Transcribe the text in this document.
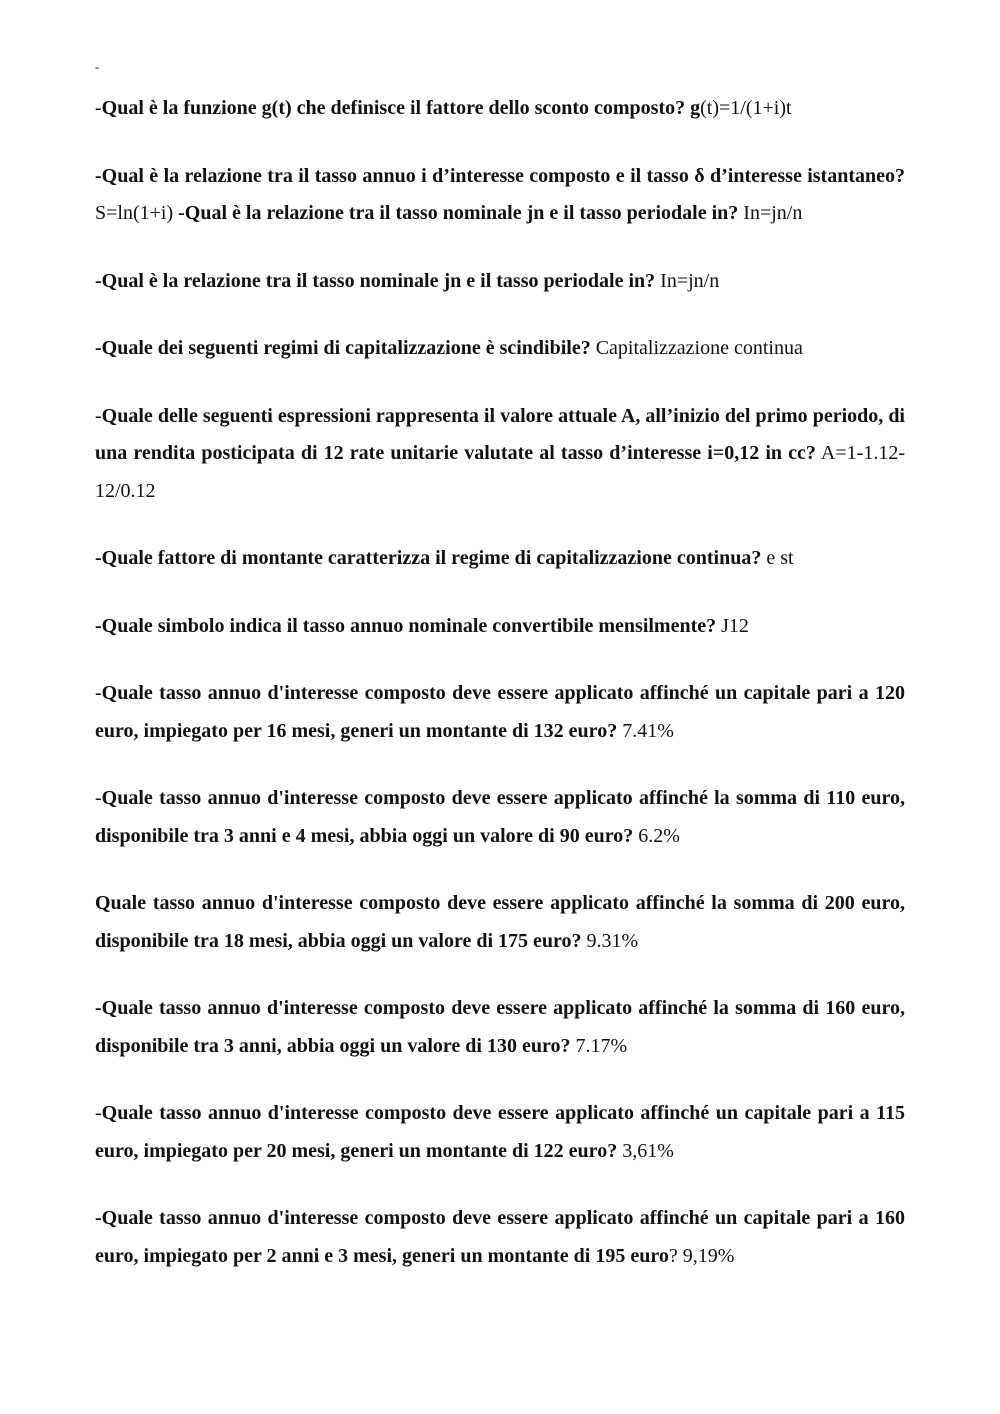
-
-Qual è la funzione g(t) che definisce il fattore dello sconto composto? g(t)=1/(1+i)t
-Qual è la relazione tra il tasso annuo i d’interesse composto e il tasso δ d’interesse istantaneo? S=ln(1+i) -Qual è la relazione tra il tasso nominale jn e il tasso periodale in? In=jn/n
-Qual è la relazione tra il tasso nominale jn e il tasso periodale in? In=jn/n
-Quale dei seguenti regimi di capitalizzazione è scindibile? Capitalizzazione continua
-Quale delle seguenti espressioni rappresenta il valore attuale A, all’inizio del primo periodo, di una rendita posticipata di 12 rate unitarie valutate al tasso d’interesse i=0,12 in cc? A=1-1.12-12/0.12
-Quale fattore di montante caratterizza il regime di capitalizzazione continua? e st
-Quale simbolo indica il tasso annuo nominale convertibile mensilmente? J12
-Quale tasso annuo d'interesse composto deve essere applicato affinché un capitale pari a 120 euro, impiegato per 16 mesi, generi un montante di 132 euro? 7.41%
-Quale tasso annuo d'interesse composto deve essere applicato affinché la somma di 110 euro, disponibile tra 3 anni e 4 mesi, abbia oggi un valore di 90 euro? 6.2%
Quale tasso annuo d'interesse composto deve essere applicato affinché la somma di 200 euro, disponibile tra 18 mesi, abbia oggi un valore di 175 euro? 9.31%
-Quale tasso annuo d'interesse composto deve essere applicato affinché la somma di 160 euro, disponibile tra 3 anni, abbia oggi un valore di 130 euro? 7.17%
-Quale tasso annuo d'interesse composto deve essere applicato affinché un capitale pari a 115 euro, impiegato per 20 mesi, generi un montante di 122 euro? 3,61%
-Quale tasso annuo d'interesse composto deve essere applicato affinché un capitale pari a 160 euro, impiegato per 2 anni e 3 mesi, generi un montante di 195 euro? 9,19%
